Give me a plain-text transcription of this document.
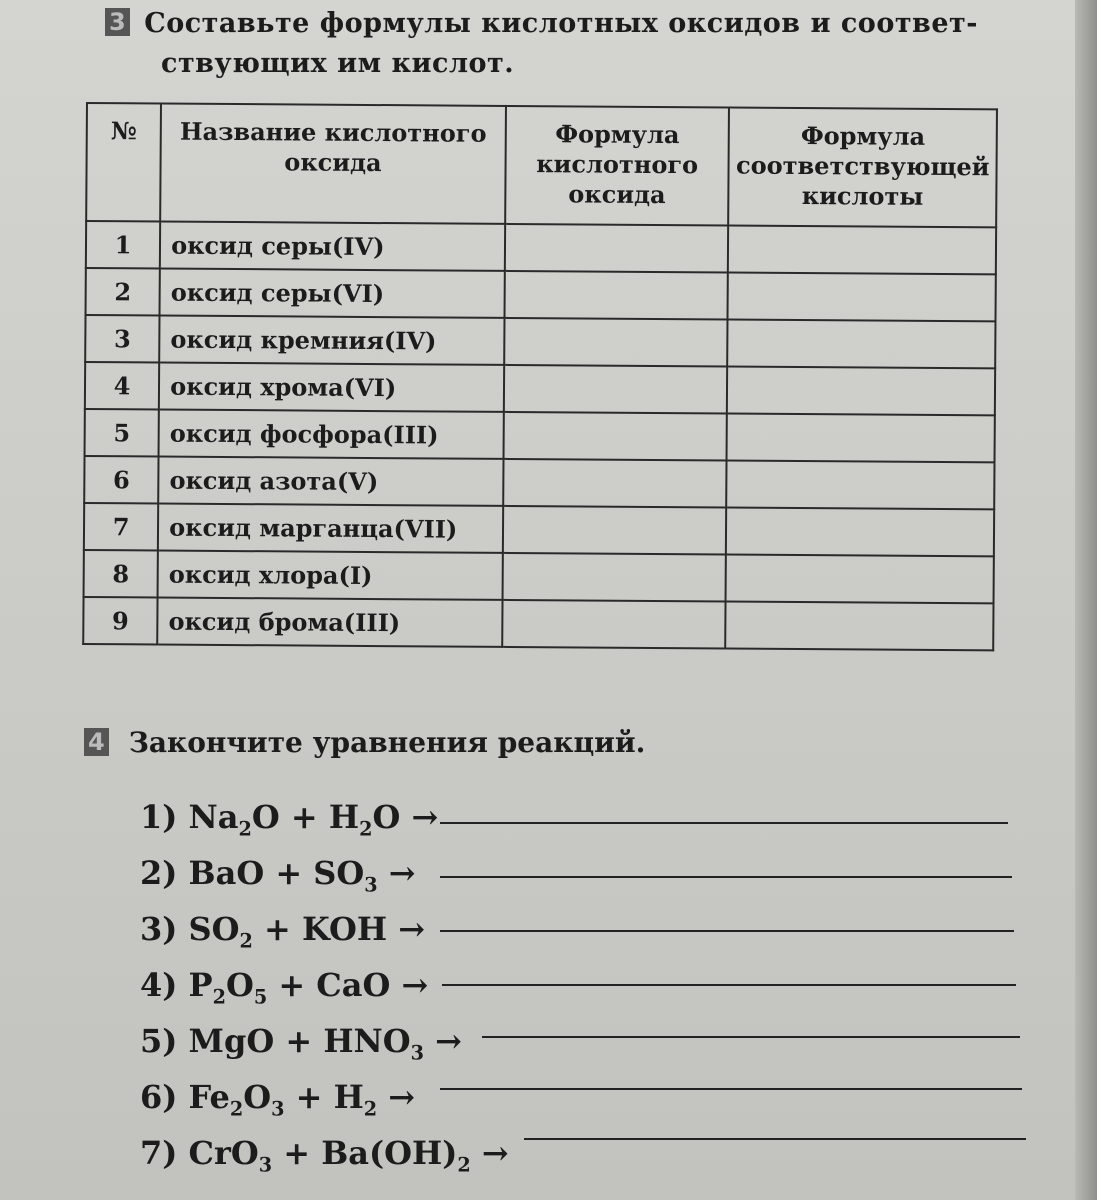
3 Составьте формулы кислотных оксидов и соответ-
ствующих им кислот.
№	Название кислотного оксида	Формула кислотного оксида	Формула соответствующей кислоты
1	оксид серы(IV)		
2	оксид серы(VI)		
3	оксид кремния(IV)		
4	оксид хрома(VI)		
5	оксид фосфора(III)		
6	оксид азота(V)		
7	оксид марганца(VII)		
8	оксид хлора(I)		
9	оксид брома(III)		
4 Закончите уравнения реакций.
1) $Na_2O + H_2O$ →
2) BaO + $SO_3$ →
3) $SO_2$ + KOH →
4) $P_2O_5$ + CaO →
5) MgO + $HNO_3$ →
6) $Fe_2O_3 + H_2$ →
7) $CrO_3 + Ba(OH)_2$ →
